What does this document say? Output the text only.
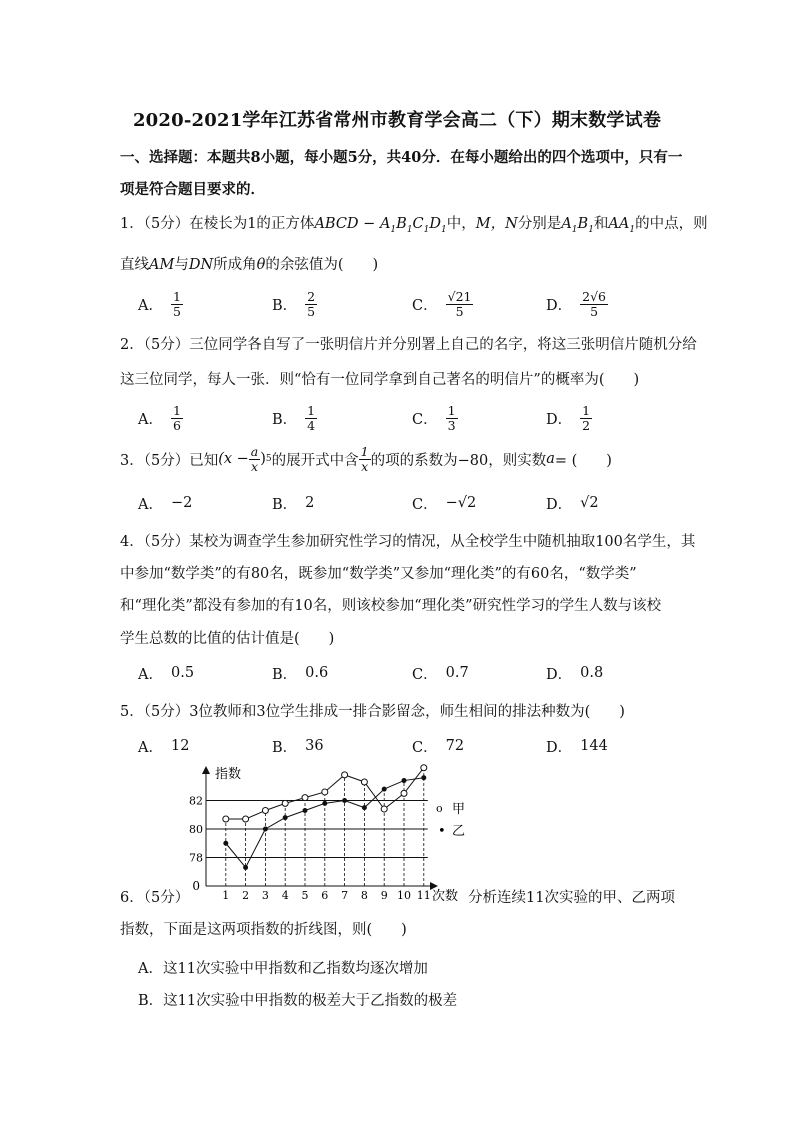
2020-2021学年江苏省常州市教育学会高二（下）期末数学试卷
一、选择题：本题共8小题，每小题5分，共40分．在每小题给出的四个选项中，只有一
项是符合题目要求的．
1．（5分）在棱长为1的正方体ABCD − $A_1B_1C_1D_1$中，M，N分别是$A_1B_1$和$AA_1$的中点，则
直线AM与DN所成角θ的余弦值为(　　)
A． $\frac{1}{5}$	B． $\frac{2}{5}$	C． $\frac{√21}{5}$	D． $\frac{2√6}{5}$
2．（5分）三位同学各自写了一张明信片并分别署上自己的名字，将这三张明信片随机分给
这三位同学，每人一张．则“恰有一位同学拿到自己著名的明信片”的概率为(　　)
A． $\frac{1}{6}$	B． $\frac{1}{4}$	C． $\frac{1}{3}$	D． $\frac{1}{2}$
3．（5分）已知 ($x - \frac{a}{x}$ ) 5 的展开式中含 $\frac{1}{x}$ 的项的系数为−80，则实数 a = (　　)
A． −2	B． 2	C． −√2	D． √2
4．（5分）某校为调查学生参加研究性学习的情况，从全校学生中随机抽取100名学生，其
中参加“数学类”的有80名，既参加“数学类”又参加“理化类”的有60名，“数学类”
和“理化类”都没有参加的有10名，则该校参加“理化类”研究性学习的学生人数与该校
学生总数的比值的估计值是(　　)
A． 0.5	B． 0.6	C． 0.7	D． 0.8
5．（5分）3位教师和3位学生排成一排合影留念，师生相间的排法种数为(　　)
A． 12	B． 36	C． 72	D． 144
指数
次数
0
78
80
82
1 2 3 4 5 6 7 8 9 10 11
o 甲
• 乙
6．（5分）	分析连续11次实验的甲、乙两项
指数，下面是这两项指数的折线图，则(　　)
A．这11次实验中甲指数和乙指数均逐次增加
B．这11次实验中甲指数的极差大于乙指数的极差
